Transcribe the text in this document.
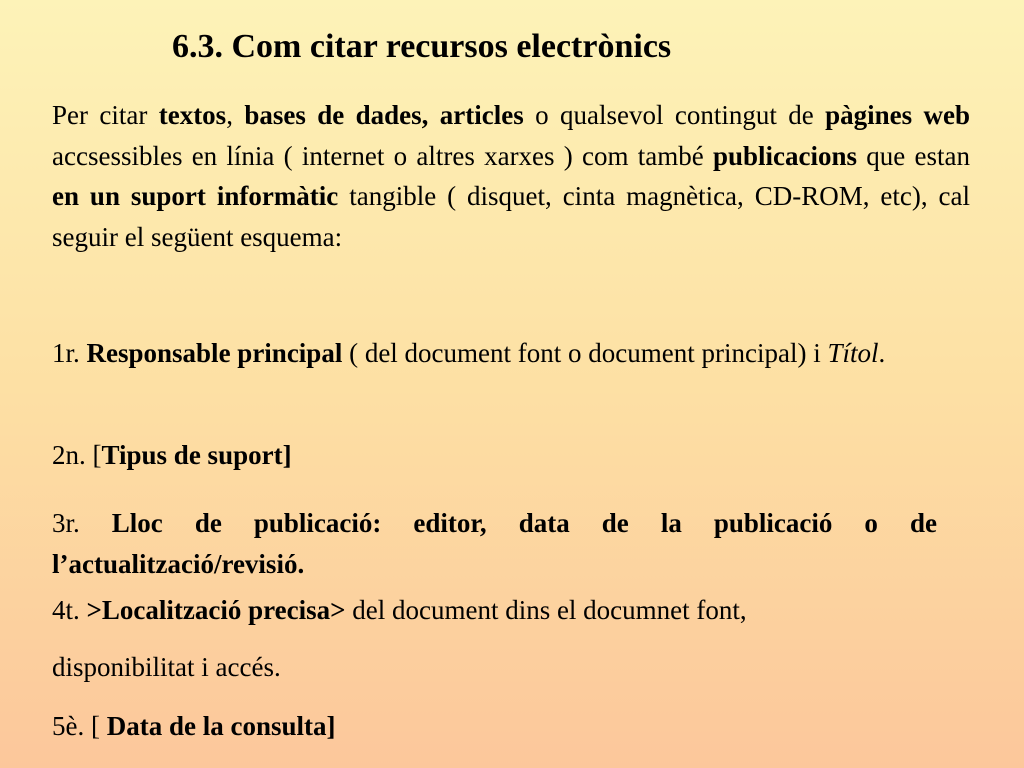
6.3. Com citar recursos electrònics
Per citar textos, bases de dades, articles o qualsevol contingut de pàgines web accsessibles en línia ( internet o altres xarxes ) com també publicacions que estan en un suport informàtic tangible ( disquet, cinta magnètica, CD-ROM, etc), cal seguir el següent esquema:
1r. Responsable principal ( del document font o document principal) i Títol.
2n. [Tipus de suport]
3r. Lloc de publicació: editor, data de la publicació o de l’actualització/revisió.
4t. >Localització precisa> del document dins el documnet font,
disponibilitat i accés.
5è. [ Data de la consulta]
